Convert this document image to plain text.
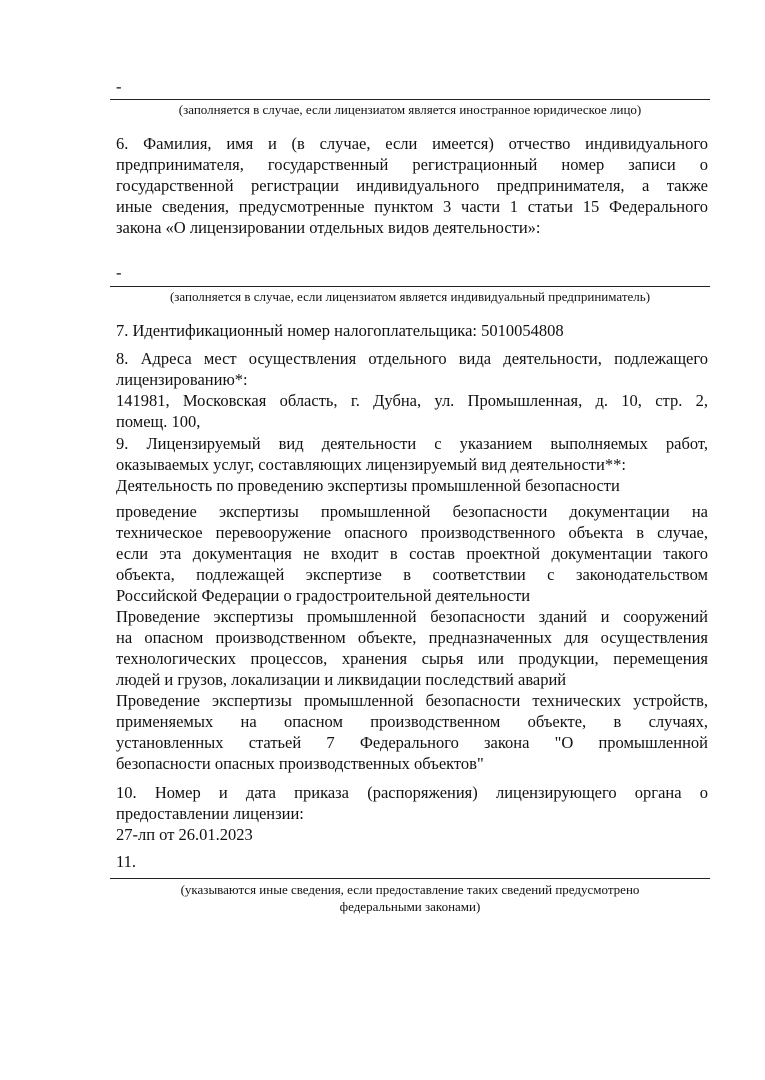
-
(заполняется в случае, если лицензиатом является иностранное юридическое лицо)
6. Фамилия, имя и (в случае, если имеется) отчество индивидуального
предпринимателя, государственный регистрационный номер записи о
государственной регистрации индивидуального предпринимателя, а также
иные сведения, предусмотренные пунктом 3 части 1 статьи 15 Федерального
закона «О лицензировании отдельных видов деятельности»:
-
(заполняется в случае, если лицензиатом является индивидуальный предприниматель)
7. Идентификационный номер налогоплательщика: 5010054808
8. Адреса мест осуществления отдельного вида деятельности, подлежащего
лицензированию*:
141981, Московская область, г. Дубна, ул. Промышленная, д. 10, стр. 2,
помещ. 100,
9. Лицензируемый вид деятельности с указанием выполняемых работ,
оказываемых услуг, составляющих лицензируемый вид деятельности**:
Деятельность по проведению экспертизы промышленной безопасности
проведение экспертизы промышленной безопасности документации на
техническое перевооружение опасного производственного объекта в случае,
если эта документация не входит в состав проектной документации такого
объекта, подлежащей экспертизе в соответствии с законодательством
Российской Федерации о градостроительной деятельности
Проведение экспертизы промышленной безопасности зданий и сооружений
на опасном производственном объекте, предназначенных для осуществления
технологических процессов, хранения сырья или продукции, перемещения
людей и грузов, локализации и ликвидации последствий аварий
Проведение экспертизы промышленной безопасности технических устройств,
применяемых на опасном производственном объекте, в случаях,
установленных статьей 7 Федерального закона "О промышленной
безопасности опасных производственных объектов"
10. Номер и дата приказа (распоряжения) лицензирующего органа о
предоставлении лицензии:
27-лп от 26.01.2023
11.
(указываются иные сведения, если предоставление таких сведений предусмотрено
федеральными законами)
